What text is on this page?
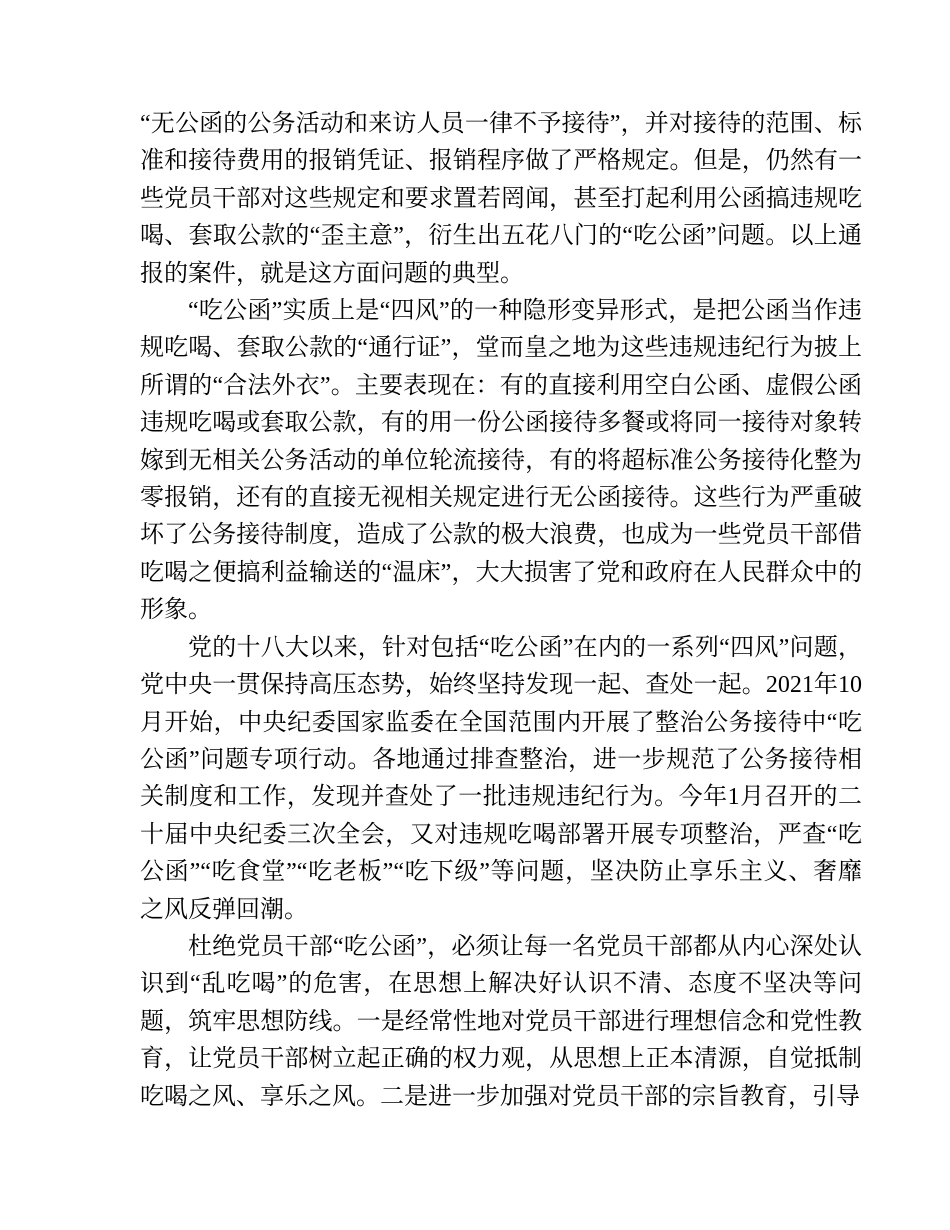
“无公函的公务活动和来访人员一律不予接待”，并对接待的范围、标准和接待费用的报销凭证、报销程序做了严格规定。但是，仍然有一些党员干部对这些规定和要求置若罔闻，甚至打起利用公函搞违规吃喝、套取公款的“歪主意”，衍生出五花八门的“吃公函”问题。以上通报的案件，就是这方面问题的典型。

“吃公函”实质上是“四风”的一种隐形变异形式，是把公函当作违规吃喝、套取公款的“通行证”，堂而皇之地为这些违规违纪行为披上所谓的“合法外衣”。主要表现在：有的直接利用空白公函、虚假公函违规吃喝或套取公款，有的用一份公函接待多餐或将同一接待对象转嫁到无相关公务活动的单位轮流接待，有的将超标准公务接待化整为零报销，还有的直接无视相关规定进行无公函接待。这些行为严重破坏了公务接待制度，造成了公款的极大浪费，也成为一些党员干部借吃喝之便搞利益输送的“温床”，大大损害了党和政府在人民群众中的形象。

党的十八大以来，针对包括“吃公函”在内的一系列“四风”问题，党中央一贯保持高压态势，始终坚持发现一起、查处一起。2021年10月开始，中央纪委国家监委在全国范围内开展了整治公务接待中“吃公函”问题专项行动。各地通过排查整治，进一步规范了公务接待相关制度和工作，发现并查处了一批违规违纪行为。今年1月召开的二十届中央纪委三次全会，又对违规吃喝部署开展专项整治，严查“吃公函”“吃食堂”“吃老板”“吃下级”等问题，坚决防止享乐主义、奢靡之风反弹回潮。

杜绝党员干部“吃公函”，必须让每一名党员干部都从内心深处认识到“乱吃喝”的危害，在思想上解决好认识不清、态度不坚决等问题，筑牢思想防线。一是经常性地对党员干部进行理想信念和党性教育，让党员干部树立起正确的权力观，从思想上正本清源，自觉抵制吃喝之风、享乐之风。二是进一步加强对党员干部的宗旨教育，引导
